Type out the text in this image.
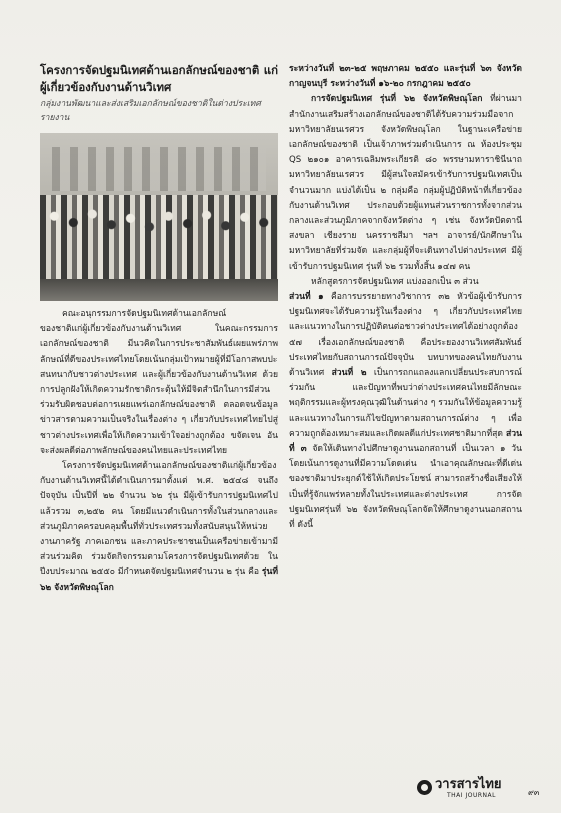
โครงการจัดปฐมนิเทศด้านเอกลักษณ์ของชาติ แก่ผู้เกี่ยวข้องกับงานด้านวิเทศ
กลุ่มงานพัฒนาและส่งเสริมเอกลักษณ์ของชาติในต่างประเทศ รายงาน

คณะอนุกรรมการจัดปฐมนิเทศด้านเอกลักษณ์

ของชาติแก่ผู้เกี่ยวข้องกับงานด้านวิเทศ ในคณะกรรมการเอกลักษณ์ของชาติ มีนวคิดในการประชาสัมพันธ์เผยแพร่ภาพลักษณ์ที่ดีของประเทศไทยโดยเน้นกลุ่มเป้าหมายผู้ที่มีโอกาสพบปะสนทนากับชาวต่างประเทศ และผู้เกี่ยวข้องกับงานด้านวิเทศ ด้วยการปลูกฝังให้เกิดความรักชาติกระตุ้นให้มีจิตสำนึกในการมีส่วนร่วมรับผิดชอบต่อการเผยแพร่เอกลักษณ์ของชาติ ตลอดจนข้อมูลข่าวสารตามความเป็นจริงในเรื่องต่าง ๆ เกี่ยวกับประเทศไทยไปสู่ชาวต่างประเทศเพื่อให้เกิดความเข้าใจอย่างถูกต้อง ขจัดเจน อันจะส่งผลดีต่อภาพลักษณ์ของคนไทยและประเทศไทย

โครงการจัดปฐมนิเทศด้านเอกลักษณ์ของชาติแก่ผู้เกี่ยวข้องกับงานด้านวิเทศนี้ได้ดำเนินการมาตั้งแต่ พ.ศ. ๒๕๔๘ จนถึงปัจจุบัน เป็นปีที่ ๒๒ จำนวน ๖๒ รุ่น มีผู้เข้ารับการปฐมนิเทศไปแล้วรวม ๓,๒๕๒ คน โดยมีแนวดำเนินการทั้งในส่วนกลางและส่วนภูมิภาคครอบคลุมพื้นที่ทั่วประเทศรวมทั้งสนับสนุนให้หน่วยงานภาครัฐ ภาคเอกชน และภาคประชาชนเป็นเครือข่ายเข้ามามีส่วนร่วมคิด ร่วมจัดกิจกรรมตามโครงการจัดปฐมนิเทศด้วย ในปีงบประมาณ ๒๕๕๐ มีกำหนดจัดปฐมนิเทศจำนวน ๒ รุ่น คือ รุ่นที่ ๖๒ จังหวัดพิษณุโลก

ระหว่างวันที่ ๒๓-๒๕ พฤษภาคม ๒๕๕๐ และรุ่นที่ ๖๓ จังหวัดกาญจนบุรี ระหว่างวันที่ ๑๖-๒๐ กรกฎาคม ๒๕๕๐

การจัดปฐมนิเทศ รุ่นที่ ๖๒ จังหวัดพิษณุโลก ที่ผ่านมา สำนักงานเสริมสร้างเอกลักษณ์ของชาติได้รับความร่วมมือจากมหาวิทยาลัยนเรศวร จังหวัดพิษณุโลก ในฐานะเครือข่ายเอกลักษณ์ของชาติ เป็นเจ้าภาพร่วมดำเนินการ ณ ห้องประชุม QS ๒๑๐๑ อาคารเฉลิมพระเกียรติ ๘๐ พรรษามหาราชินีนาถ มหาวิทยาลัยนเรศวร มีผู้สนใจสมัครเข้ารับการปฐมนิเทศเป็นจำนวนมาก แบ่งได้เป็น ๒ กลุ่มคือ กลุ่มผู้ปฏิบัติหน้าที่เกี่ยวข้องกับงานด้านวิเทศ ประกอบด้วยผู้แทนส่วนราชการทั้งจากส่วนกลางและส่วนภูมิภาคจากจังหวัดต่าง ๆ เช่น จังหวัดปัตตานี สงขลา เชียงราย นครราชสีมา ฯลฯ อาจารย์/นักศึกษาในมหาวิทยาลัยที่ร่วมจัด และกลุ่มผู้ที่จะเดินทางไปต่างประเทศ มีผู้เข้ารับการปฐมนิเทศ รุ่นที่ ๖๒ รวมทั้งสิ้น ๑๔๗ คน

หลักสูตรการจัดปฐมนิเทศ แบ่งออกเป็น ๓ ส่วน

ส่วนที่ ๑ คือการบรรยายทางวิชาการ ๓๒ หัวข้อผู้เข้ารับการปฐมนิเทศจะได้รับความรู้ในเรื่องต่าง ๆ เกี่ยวกับประเทศไทย และแนวทางในการปฏิบัติตนต่อชาวต่างประเทศได้อย่างถูกต้อง ๕๗ เรื่องเอกลักษณ์ของชาติ คือประยองงานวิเทศสัมพันธ์ ประเทศไทยกับสถานการณ์ปัจจุบัน บทบาทของคนไทยกับงานด้านวิเทศ ส่วนที่ ๒ เป็นการถกแถลงแลกเปลี่ยนประสบการณ์ร่วมกัน และปัญหาที่พบว่าต่างประเทศคนไทยมีลักษณะ พฤติกรรมและผู้ทรงคุณวุฒิในด้านต่าง ๆ รวมกันให้ข้อมูลความรู้และแนวทางในการแก้ไขปัญหาตามสถานการณ์ต่าง ๆ เพื่อความถูกต้องเหมาะสมและเกิดผลดีแก่ประเทศชาติมากที่สุด ส่วนที่ ๓ จัดให้เดินทางไปศึกษาดูงานนอกสถานที่ เป็นเวลา ๑ วัน โดยเน้นการดูงานที่มีความโดดเด่น นำเอาคุณลักษณะที่ดีเด่นของชาติมาประยุกต์ใช้ให้เกิดประโยชน์ สามารถสร้างชื่อเสียงให้เป็นที่รู้จักแพร่หลายทั้งในประเทศและต่างประเทศ การจัดปฐมนิเทศรุ่นที่ ๖๒ จังหวัดพิษณุโลกจัดให้ศึกษาดูงานนอกสถานที่ ดังนี้

วารสารไทย
THAI JOURNAL	๙๓
